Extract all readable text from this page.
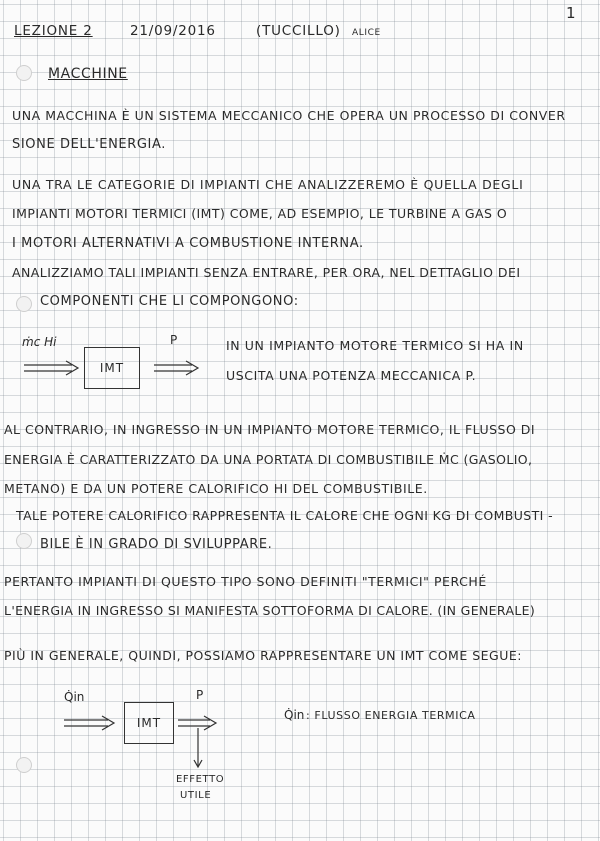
LEZIONE 2	21/09/2016	(TUCCILLO) ALICE
1
MACCHINE
UNA MACCHINA È UN SISTEMA MECCANICO CHE OPERA UN PROCESSO DI CONVER
SIONE DELL'ENERGIA.
UNA TRA LE CATEGORIE DI IMPIANTI CHE ANALIZZEREMO È QUELLA DEGLI
IMPIANTI MOTORI TERMICI (IMT) COME, AD ESEMPIO, LE TURBINE A GAS O
I MOTORI ALTERNATIVI A COMBUSTIONE INTERNA.
ANALIZZIAMO TALI IMPIANTI SENZA ENTRARE, PER ORA, NEL DETTAGLIO DEI
COMPONENTI CHE LI COMPONGONO:
ṁc Hi
IMT
P	IN UN IMPIANTO MOTORE TERMICO SI HA IN
USCITA UNA POTENZA MECCANICA P.
AL CONTRARIO, IN INGRESSO IN UN IMPIANTO MOTORE TERMICO, IL FLUSSO DI
ENERGIA È CARATTERIZZATO DA UNA PORTATA DI COMBUSTIBILE ṀC (GASOLIO,
METANO) E DA UN POTERE CALORIFICO HI DEL COMBUSTIBILE.
TALE POTERE CALORIFICO RAPPRESENTA IL CALORE CHE OGNI KG DI COMBUSTI -
BILE È IN GRADO DI SVILUPPARE.
PERTANTO IMPIANTI DI QUESTO TIPO SONO DEFINITI "TERMICI" PERCHÉ
L'ENERGIA IN INGRESSO SI MANIFESTA SOTTOFORMA DI CALORE. (IN GENERALE)
PIÙ IN GENERALE, QUINDI, POSSIAMO RAPPRESENTARE UN IMT COME SEGUE:
Q̇in
IMT
P
EFFETTO
UTILE
Q̇in : FLUSSO ENERGIA TERMICA
